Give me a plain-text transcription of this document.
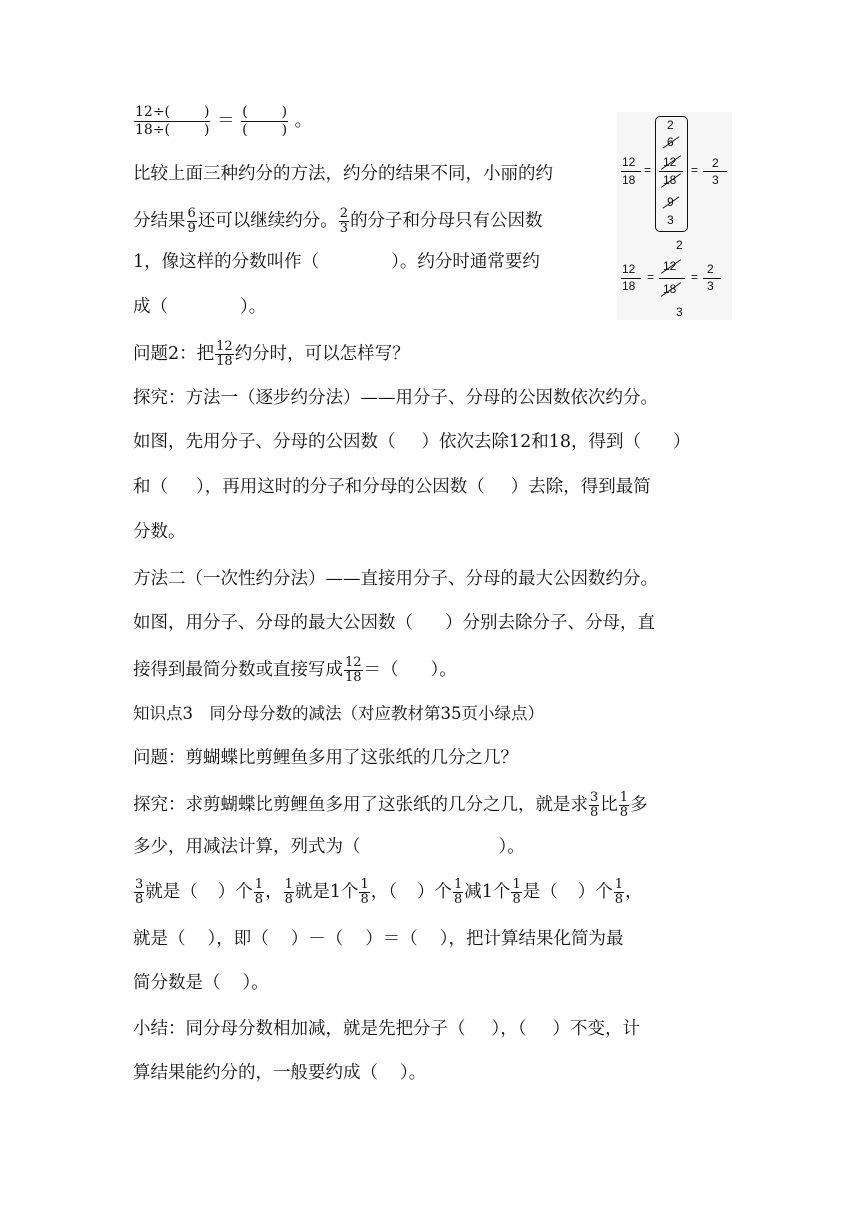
$\frac{12\div( )}{18\div( )} = \frac{( )}{( )}$ 。
比较上面三种约分的方法，约分的结果不同，小丽的约
分结果 $\frac{6}{9}$ 还可以继续约分。 $\frac{2}{3}$ 的分子和分母只有公因数
1，像这样的分数叫作（	）。约分时通常要约
成（	）。
问题2：把 $\frac{12}{18}$ 约分时，可以怎样写？
探究：方法一（逐步约分法）——用分子、分母的公因数依次约分。
如图，先用分子、分母的公因数（ ）依次去除12和18，得到（ ）
和（ ），再用这时的分子和分母的公因数（ ）去除，得到最简
分数。
方法二（一次性约分法）——直接用分子、分母的最大公因数约分。
如图，用分子、分母的最大公因数（ ）分别去除分子、分母，直
接得到最简分数或直接写成 $\frac{12}{18}$ ＝（ ）。
知识点3　同分母分数的减法（对应教材第35页小绿点）
问题：剪蝴蝶比剪鲤鱼多用了这张纸的几分之几？
探究：求剪蝴蝶比剪鲤鱼多用了这张纸的几分之几，就是求 $\frac{3}{8}$ 比 $\frac{1}{8}$ 多
多少，用减法计算，列式为（	）。
$\frac{3}{8}$ 就是（ ）个 $\frac{1}{8}$ ， $\frac{1}{8}$ 就是1个 $\frac{1}{8}$ ，（ ）个 $\frac{1}{8}$ 减1个 $\frac{1}{8}$ 是（ ）个 $\frac{1}{8}$ ，
就是（ ），即（ ）－（ ）＝（ ），把计算结果化简为最
简分数是（ ）。
小结：同分母分数相加减，就是先把分子（ ），（ ）不变，计
算结果能约分的，一般要约成（ ）。
12
18
=
2
6
12
18
9
3
= 2
3
2
12
18
=
12
18
3
=
2
3
